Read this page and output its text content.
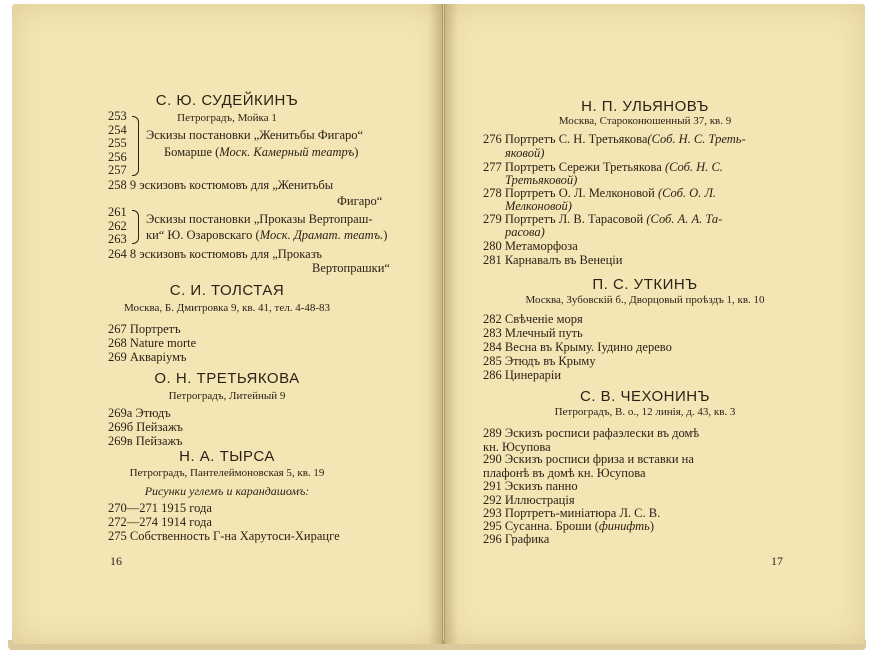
С. Ю. СУДЕЙКИНЪ
Петроградъ, Мойка 1
253
254
255
256
257
Эскизы постановки „Женитьбы Фигаро“
Бомарше (Моск. Камерный театръ)
258 9 эскизовъ костюмовъ для „Женитьбы
Фигаро“
261
262
263
Эскизы постановки „Проказы Вертопраш-
ки“ Ю. Озаровскаго (Моск. Драмат. театъ.)
264 8 эскизовъ костюмовъ для „Проказъ
Вертопрашки“
С. И. ТОЛСТАЯ
Москва, Б. Дмитровка 9, кв. 41, тел. 4-48-83
267 Портретъ
268 Nature morte
269 Акваріумъ
О. Н. ТРЕТЬЯКОВА
Петроградъ, Литейный 9
269а Этюдъ
269б Пейзажъ
269в Пейзажъ
Н. А. ТЫРСА
Петроградъ, Пантелеймоновская 5, кв. 19
Рисунки углемъ и карандашомъ:
270—271 1915 года
272—274 1914 года
275 Собственность Г-на Харутоси-Хирацге
16
Н. П. УЛЬЯНОВЪ
Москва, Староконюшенный 37, кв. 9
276 Портретъ С. Н. Третьякова(Соб. Н. С. Треть-
яковой)
277 Портретъ Сережи Третьякова (Соб. Н. С.
Третьяковой)
278 Портретъ О. Л. Мелконовой (Соб. О. Л.
Мелконовой)
279 Портретъ Л. В. Тарасовой (Соб. А. А. Та-
расова)
280 Метаморфоза
281 Карнавалъ въ Венеціи
П. С. УТКИНЪ
Москва, Зубовскій б., Дворцовый проѣздъ 1, кв. 10
282 Свѣченіе моря
283 Млечный путь
284 Весна въ Крыму. Іудино дерево
285 Этюдъ въ Крыму
286 Цинераріи
С. В. ЧЕХОНИНЪ
Петроградъ, В. о., 12 линія, д. 43, кв. 3
289 Эскизъ росписи рафаэлески въ домѣ
кн. Юсупова
290 Эскизъ росписи фриза и вставки на
плафонѣ въ домѣ кн. Юсупова
291 Эскизъ панно
292 Иллюстрація
293 Портретъ-миніатюра Л. С. В.
295 Сусанна. Броши (финифть)
296 Графика
17
